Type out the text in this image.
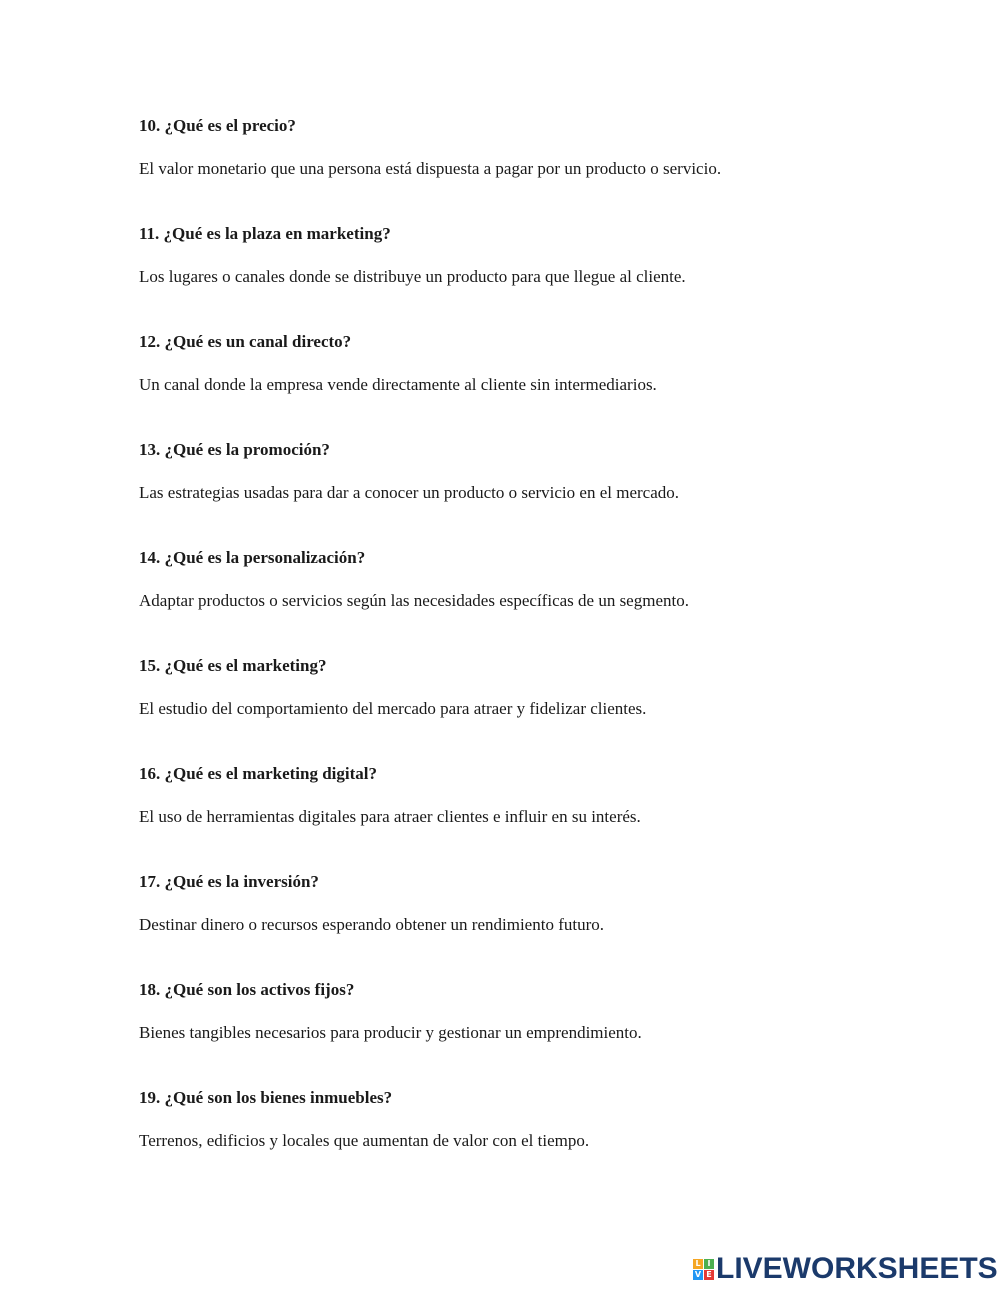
10. ¿Qué es el precio?
El valor monetario que una persona está dispuesta a pagar por un producto o servicio.
11. ¿Qué es la plaza en marketing?
Los lugares o canales donde se distribuye un producto para que llegue al cliente.
12. ¿Qué es un canal directo?
Un canal donde la empresa vende directamente al cliente sin intermediarios.
13. ¿Qué es la promoción?
Las estrategias usadas para dar a conocer un producto o servicio en el mercado.
14. ¿Qué es la personalización?
Adaptar productos o servicios según las necesidades específicas de un segmento.
15. ¿Qué es el marketing?
El estudio del comportamiento del mercado para atraer y fidelizar clientes.
16. ¿Qué es el marketing digital?
El uso de herramientas digitales para atraer clientes e influir en su interés.
17. ¿Qué es la inversión?
Destinar dinero o recursos esperando obtener un rendimiento futuro.
18. ¿Qué son los activos fijos?
Bienes tangibles necesarios para producir y gestionar un emprendimiento.
19. ¿Qué son los bienes inmuebles?
Terrenos, edificios y locales que aumentan de valor con el tiempo.
L I
V E LIVEWORKSHEETS
